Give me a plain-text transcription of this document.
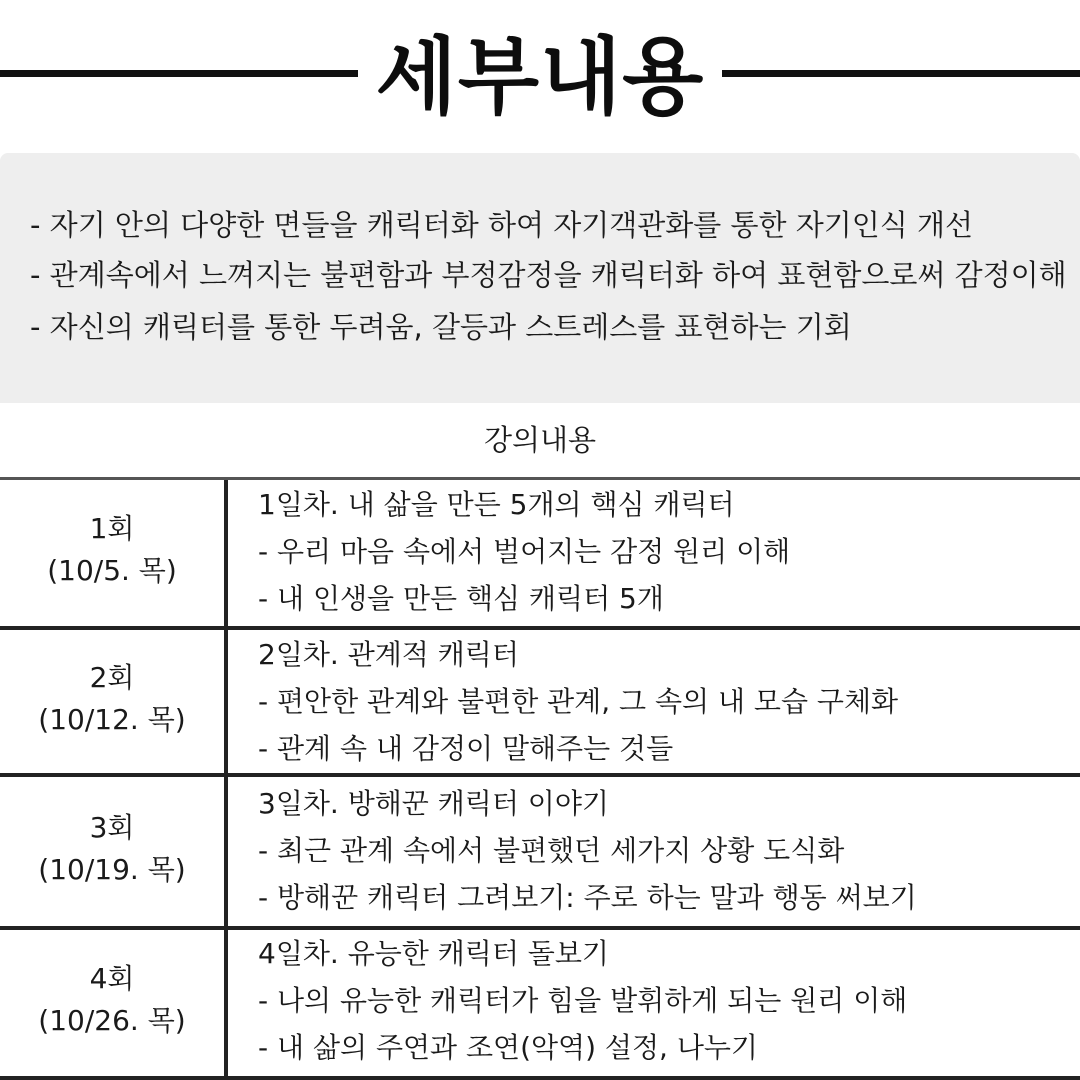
세부내용
- 자기 안의 다양한 면들을 캐릭터화 하여 자기객관화를 통한 자기인식 개선
- 관계속에서 느껴지는 불편함과 부정감정을 캐릭터화 하여 표현함으로써 감정이해
- 자신의 캐릭터를 통한 두려움, 갈등과 스트레스를 표현하는 기회
강의내용
1회
(10/5. 목)
1일차. 내 삶을 만든 5개의 핵심 캐릭터
- 우리 마음 속에서 벌어지는 감정 원리 이해
- 내 인생을 만든 핵심 캐릭터 5개
2회
(10/12. 목)
2일차. 관계적 캐릭터
- 편안한 관계와 불편한 관계, 그 속의 내 모습 구체화
- 관계 속 내 감정이 말해주는 것들
3회
(10/19. 목)
3일차. 방해꾼 캐릭터 이야기
- 최근 관계 속에서 불편했던 세가지 상황 도식화
- 방해꾼 캐릭터 그려보기: 주로 하는 말과 행동 써보기
4회
(10/26. 목)
4일차. 유능한 캐릭터 돌보기
- 나의 유능한 캐릭터가 힘을 발휘하게 되는 원리 이해
- 내 삶의 주연과 조연(악역) 설정, 나누기
